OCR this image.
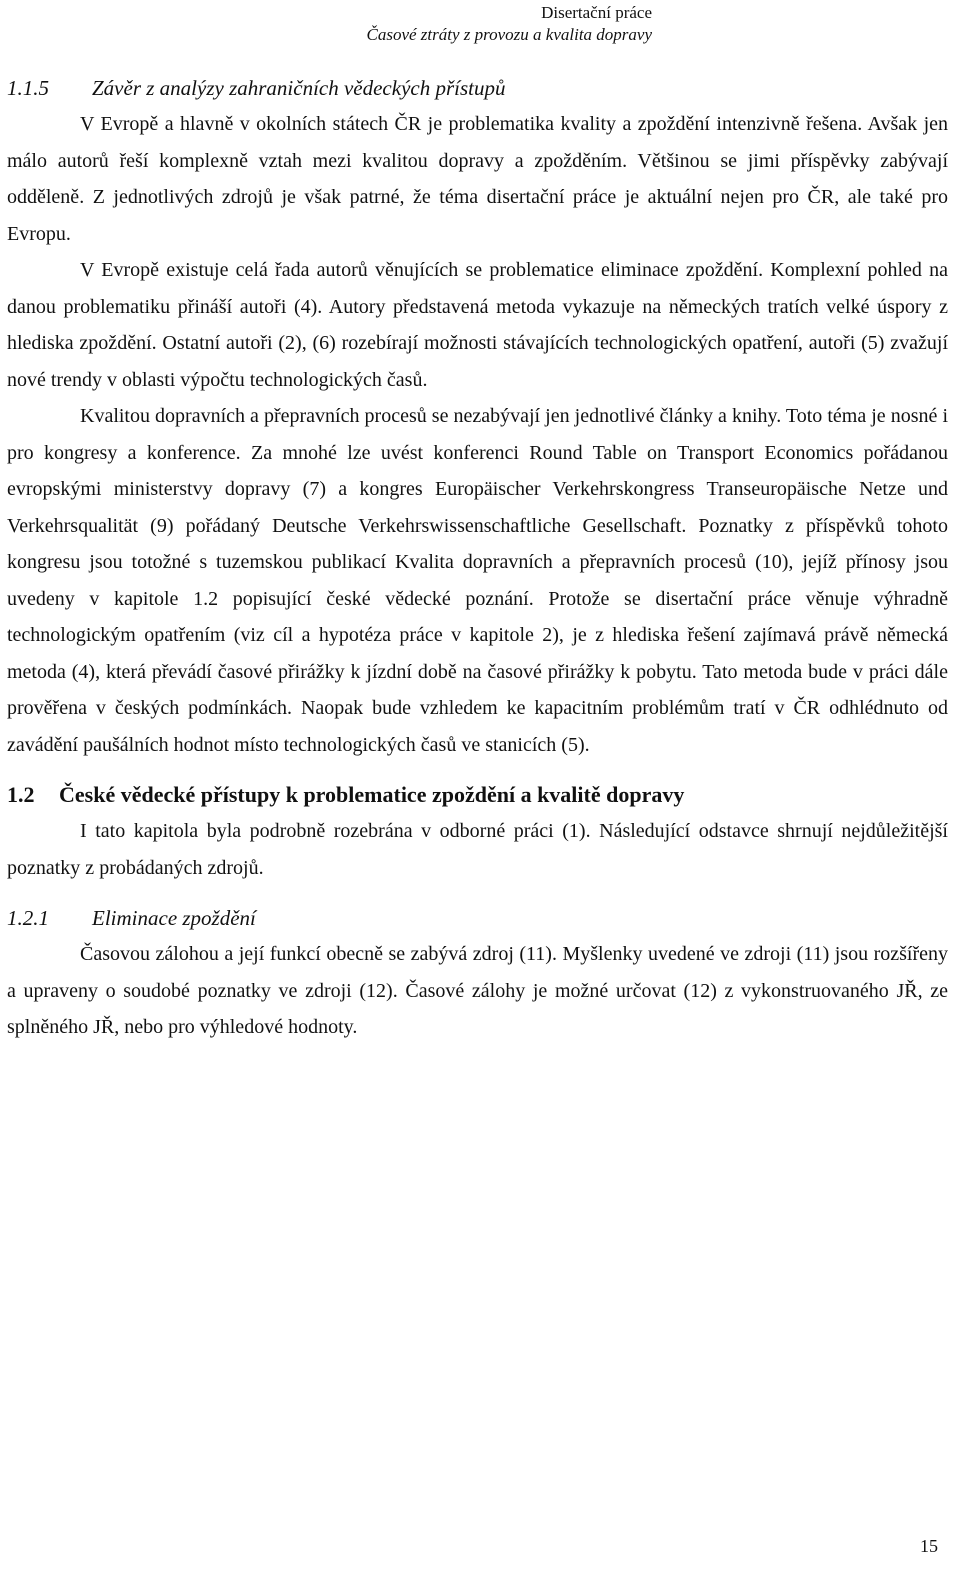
Disertační práce
Časové ztráty z provozu a kvalita dopravy
1.1.5 Závěr z analýzy zahraničních vědeckých přístupů

V Evropě a hlavně v okolních státech ČR je problematika kvality a zpoždění intenzivně řešena. Avšak jen málo autorů řeší komplexně vztah mezi kvalitou dopravy a zpožděním. Většinou se jimi příspěvky zabývají odděleně. Z jednotlivých zdrojů je však patrné, že téma disertační práce je aktuální nejen pro ČR, ale také pro Evropu.

V Evropě existuje celá řada autorů věnujících se problematice eliminace zpoždění. Komplexní pohled na danou problematiku přináší autoři (4). Autory představená metoda vykazuje na německých tratích velké úspory z hlediska zpoždění. Ostatní autoři (2), (6) rozebírají možnosti stávajících technologických opatření, autoři (5) zvažují nové trendy v oblasti výpočtu technologických časů.

Kvalitou dopravních a přepravních procesů se nezabývají jen jednotlivé články a knihy. Toto téma je nosné i pro kongresy a konference. Za mnohé lze uvést konferenci Round Table on Transport Economics pořádanou evropskými ministerstvy dopravy (7) a kongres Europäischer Verkehrskongress Transeuropäische Netze und Verkehrsqualität (9) pořádaný Deutsche Verkehrswissenschaftliche Gesellschaft. Poznatky z příspěvků tohoto kongresu jsou totožné s tuzemskou publikací Kvalita dopravních a přepravních procesů (10), jejíž přínosy jsou uvedeny v kapitole 1.2 popisující české vědecké poznání. Protože se disertační práce věnuje výhradně technologickým opatřením (viz cíl a hypotéza práce v kapitole 2), je z hlediska řešení zajímavá právě německá metoda (4), která převádí časové přirážky k jízdní době na časové přirážky k pobytu. Tato metoda bude v práci dále prověřena v českých podmínkách. Naopak bude vzhledem ke kapacitním problémům tratí v ČR odhlédnuto od zavádění paušálních hodnot místo technologických časů ve stanicích (5).

1.2 České vědecké přístupy k problematice zpoždění a kvalitě dopravy

I tato kapitola byla podrobně rozebrána v odborné práci (1). Následující odstavce shrnují nejdůležitější poznatky z probádaných zdrojů.

1.2.1 Eliminace zpoždění

Časovou zálohou a její funkcí obecně se zabývá zdroj (11). Myšlenky uvedené ve zdroji (11) jsou rozšířeny a upraveny o soudobé poznatky ve zdroji (12). Časové zálohy je možné určovat (12) z vykonstruovaného JŘ, ze splněného JŘ, nebo pro výhledové hodnoty.

15
